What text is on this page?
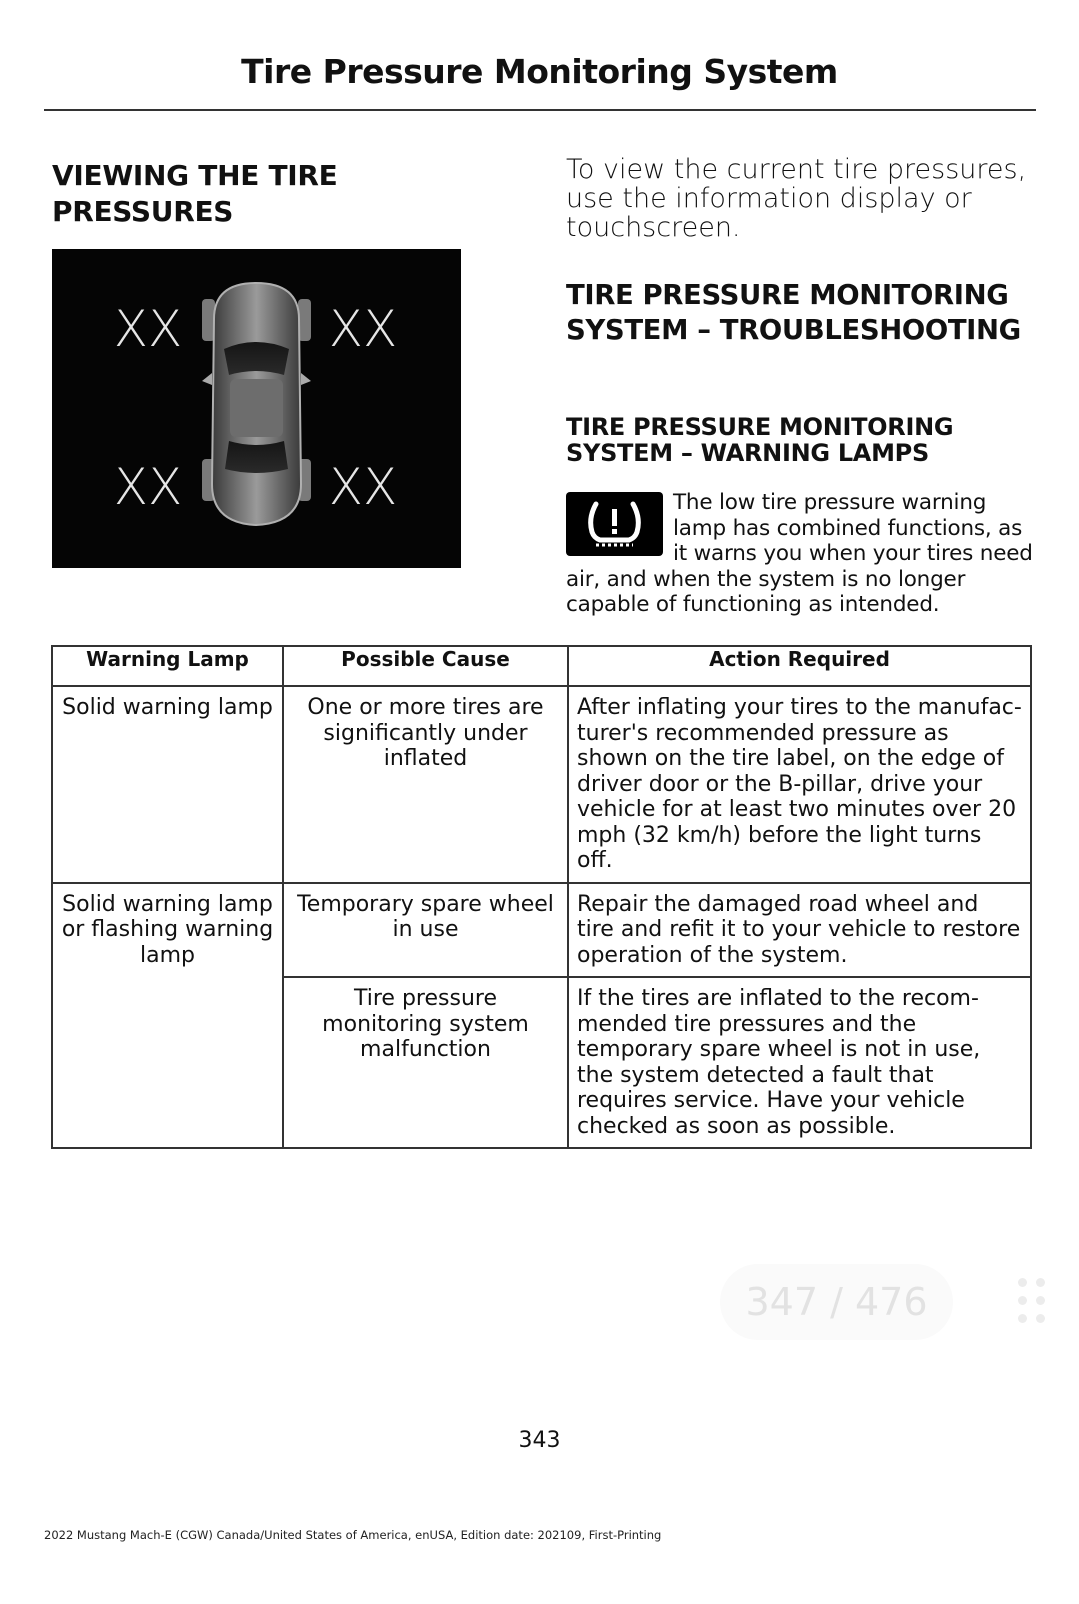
Tire Pressure Monitoring System
VIEWING THE TIRE PRESSURES
XX	XX
XX	XX
To view the current tire pressures, use the information display or touchscreen.
TIRE PRESSURE MONITORING SYSTEM – TROUBLESHOOTING
TIRE PRESSURE MONITORING SYSTEM – WARNING LAMPS
The low tire pressure warning lamp has combined functions, as it warns you when your tires need air, and when the system is no longer capable of functioning as intended.
Warning Lamp	Possible Cause	Action Required
Solid warning lamp	One or more tires are significantly under inflated	After inflating your tires to the manufac-turer's recommended pressure as shown on the tire label, on the edge of driver door or the B-pillar, drive your vehicle for at least two minutes over 20 mph (32 km/h) before the light turns off.
Solid warning lamp or flashing warning lamp	Temporary spare wheel in use	Repair the damaged road wheel and tire and refit it to your vehicle to restore operation of the system.
	Tire pressure monitoring system malfunction	If the tires are inflated to the recom-mended tire pressures and the temporary spare wheel is not in use, the system detected a fault that requires service. Have your vehicle checked as soon as possible.
347 / 476
343
2022 Mustang Mach-E (CGW) Canada/United States of America, enUSA, Edition date: 202109, First-Printing
